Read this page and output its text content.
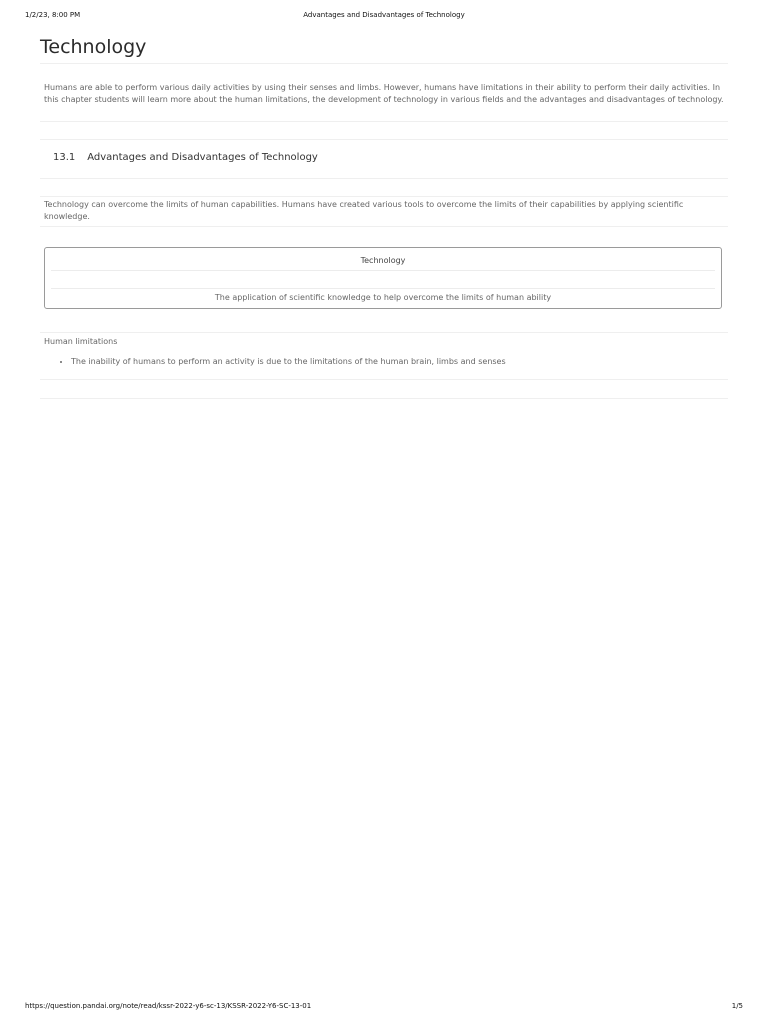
1/2/23, 8:00 PM	Advantages and Disadvantages of Technology
Technology

Humans are able to perform various daily activities by using their senses and limbs. However, humans have limitations in their ability to perform their daily activities. In this chapter students will learn more about the human limitations, the development of technology in various fields and the advantages and disadvantages of technology.

13.1 Advantages and Disadvantages of Technology

Technology can overcome the limits of human capabilities. Humans have created various tools to overcome the limits of their capabilities by applying scientific knowledge.

Technology
The application of scientific knowledge to help overcome the limits of human ability
Human limitations
• The inability of humans to perform an activity is due to the limitations of the human brain, limbs and senses
https://question.pandai.org/note/read/kssr-2022-y6-sc-13/KSSR-2022-Y6-SC-13-01	1/5
